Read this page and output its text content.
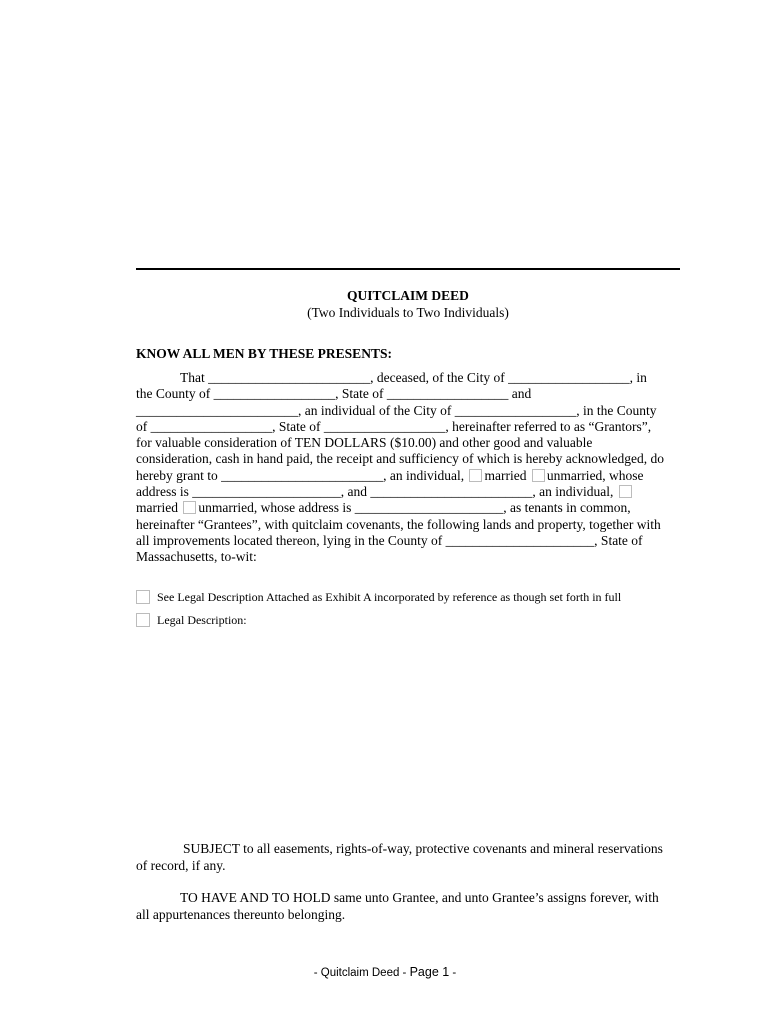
QUITCLAIM DEED
(Two Individuals to Two Individuals)
KNOW ALL MEN BY THESE PRESENTS:
That ________________________, deceased, of the City of __________________, in
the County of __________________, State of __________________ and
________________________, an individual of the City of __________________, in the County
of __________________, State of __________________, hereinafter referred to as “Grantors”,
for valuable consideration of TEN DOLLARS ($10.00) and other good and valuable
consideration, cash in hand paid, the receipt and sufficiency of which is hereby acknowledged, do
hereby grant to ________________________, an individual, married unmarried, whose
address is ______________________, and ________________________, an individual,
married unmarried, whose address is ______________________, as tenants in common,
hereinafter “Grantees”, with quitclaim covenants, the following lands and property, together with
all improvements located thereon, lying in the County of ______________________, State of
Massachusetts, to-wit:
See Legal Description Attached as Exhibit A incorporated by reference as though set forth in full
Legal Description:
SUBJECT to all easements, rights-of-way, protective covenants and mineral reservations
of record, if any.
TO HAVE AND TO HOLD same unto Grantee, and unto Grantee’s assigns forever, with
all appurtenances thereunto belonging.
- Quitclaim Deed - Page 1 -
